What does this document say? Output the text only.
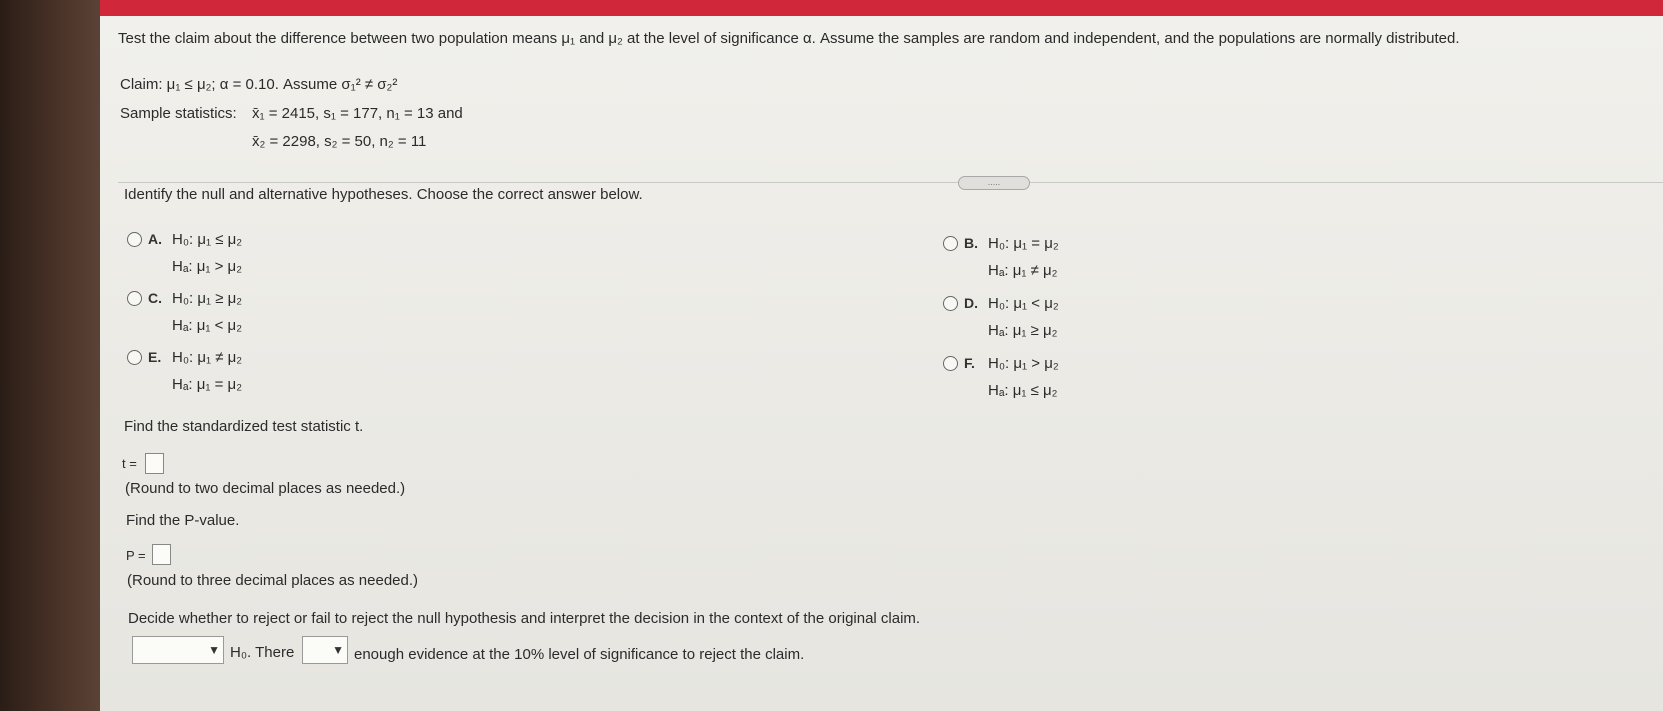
Test the claim about the difference between two population means μ₁ and μ₂ at the level of significance α. Assume the samples are random and independent, and the populations are normally distributed.
Claim: μ₁ ≤ μ₂; α = 0.10. Assume σ₁² ≠ σ₂²
Sample statistics: x̄₁ = 2415, s₁ = 177, n₁ = 13 and
x̄₂ = 2298, s₂ = 50, n₂ = 11
.....
Identify the null and alternative hypotheses. Choose the correct answer below.
A. H₀: μ₁ ≤ μ₂
Hₐ: μ₁ > μ₂
C. H₀: μ₁ ≥ μ₂
Hₐ: μ₁ < μ₂
E. H₀: μ₁ ≠ μ₂
Hₐ: μ₁ = μ₂
B. H₀: μ₁ = μ₂
Hₐ: μ₁ ≠ μ₂
D. H₀: μ₁ < μ₂
Hₐ: μ₁ ≥ μ₂
F. H₀: μ₁ > μ₂
Hₐ: μ₁ ≤ μ₂
Find the standardized test statistic t.
t =
(Round to two decimal places as needed.)
Find the P-value.
P =
(Round to three decimal places as needed.)
Decide whether to reject or fail to reject the null hypothesis and interpret the decision in the context of the original claim.
▼ H₀. There	▼ enough evidence at the 10% level of significance to reject the claim.
